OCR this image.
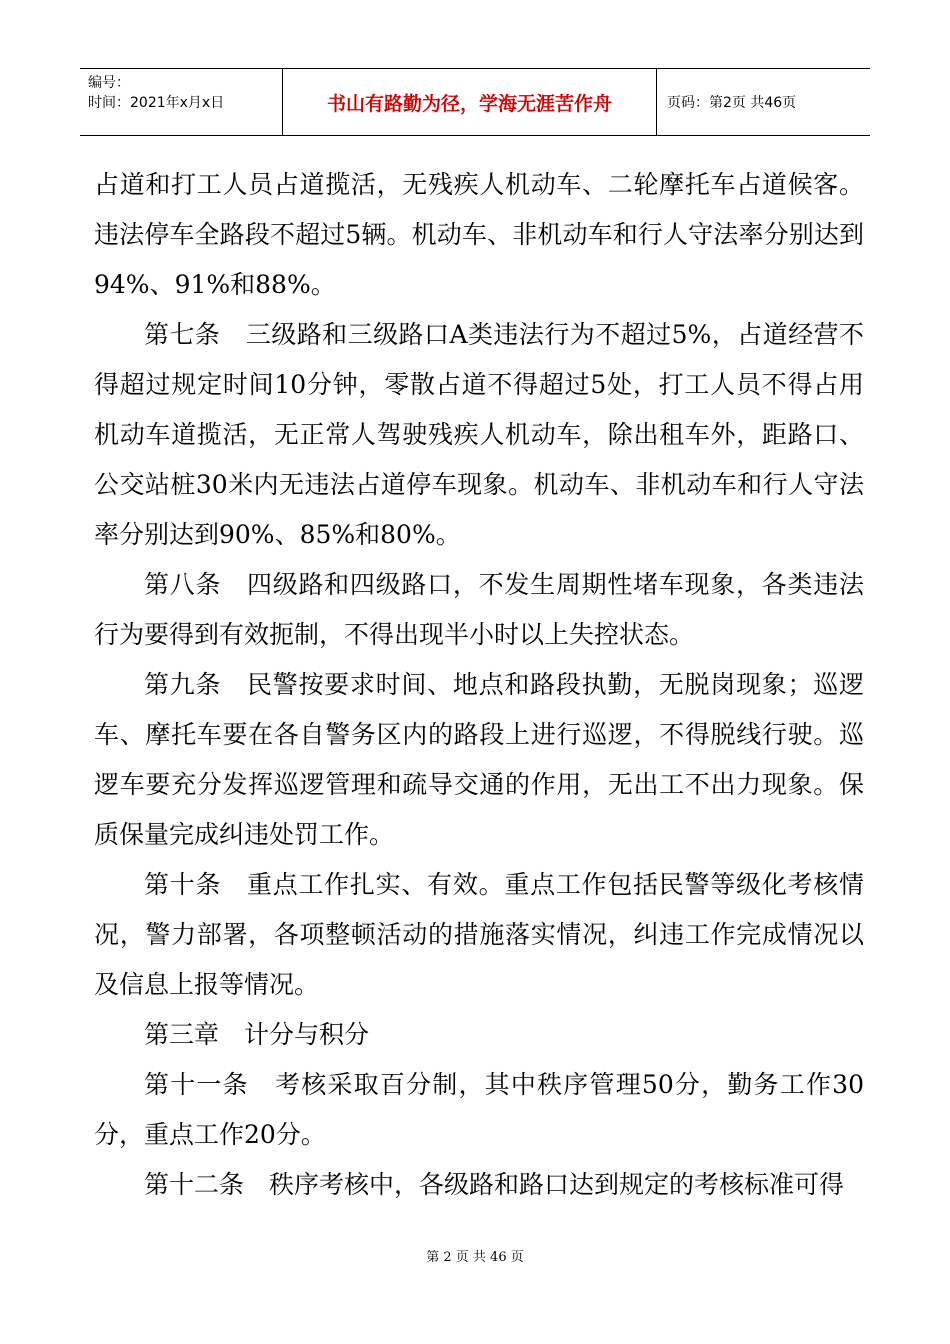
编号：
时间：2021年x月x日	书山有路勤为径，学海无涯苦作舟	页码：第2页 共46页

占道和打工人员占道揽活，无残疾人机动车、二轮摩托车占道候客。违法停车全路段不超过5辆。机动车、非机动车和行人守法率分别达到94%、91%和88%。

第七条　三级路和三级路口A类违法行为不超过5%，占道经营不得超过规定时间10分钟，零散占道不得超过5处，打工人员不得占用机动车道揽活，无正常人驾驶残疾人机动车，除出租车外，距路口、公交站桩30米内无违法占道停车现象。机动车、非机动车和行人守法率分别达到90%、85%和80%。

第八条　四级路和四级路口，不发生周期性堵车现象，各类违法行为要得到有效扼制，不得出现半小时以上失控状态。

第九条　民警按要求时间、地点和路段执勤，无脱岗现象；巡逻车、摩托车要在各自警务区内的路段上进行巡逻，不得脱线行驶。巡逻车要充分发挥巡逻管理和疏导交通的作用，无出工不出力现象。保质保量完成纠违处罚工作。

第十条　重点工作扎实、有效。重点工作包括民警等级化考核情况，警力部署，各项整顿活动的措施落实情况，纠违工作完成情况以及信息上报等情况。

第三章　计分与积分

第十一条　考核采取百分制，其中秩序管理50分，勤务工作30分，重点工作20分。

第十二条　秩序考核中，各级路和路口达到规定的考核标准可得

第 2 页 共 46 页
